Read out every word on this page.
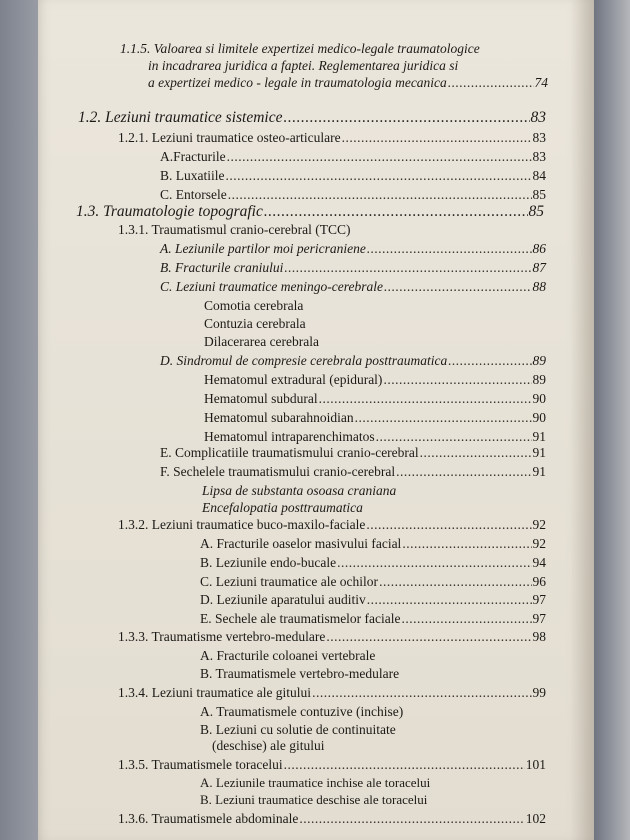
1.1.5. Valoarea si limitele expertizei medico-legale traumatologice
in incadrarea juridica a faptei. Reglementarea juridica si
a expertizei medico - legale in traumatologia mecanica .....	74
1.2. Leziuni traumatice sistemice .....	83
1.2.1. Leziuni traumatice osteo-articulare .....	83
A.Fracturile .....	83
B. Luxatiile .....	84
C. Entorsele .....	85
1.3. Traumatologie topografic .....	85
1.3.1. Traumatismul cranio-cerebral (TCC)
A. Leziunile partilor moi pericraniene .....	86
B. Fracturile craniului .....	87
C. Leziuni traumatice meningo-cerebrale .....	88
Comotia cerebrala
Contuzia cerebrala
Dilacerarea cerebrala
D. Sindromul de compresie cerebrala posttraumatica .....	89
Hematomul extradural (epidural) .....	89
Hematomul subdural .....	90
Hematomul subarahnoidian .....	90
Hematomul intraparenchimatos .....	91
E. Complicatiile traumatismului cranio-cerebral .....	91
F. Sechelele traumatismului cranio-cerebral .....	91
Lipsa de substanta osoasa craniana
Encefalopatia posttraumatica
1.3.2. Leziuni traumatice buco-maxilo-faciale .....	92
A. Fracturile oaselor masivului facial .....	92
B. Leziunile endo-bucale .....	94
C. Leziuni traumatice ale ochilor .....	96
D. Leziunile aparatului auditiv .....	97
E. Sechele ale traumatismelor faciale .....	97
1.3.3. Traumatisme vertebro-medulare .....	98
A. Fracturile coloanei vertebrale
B. Traumatismele vertebro-medulare
1.3.4. Leziuni traumatice ale gitului .....	99
A. Traumatismele contuzive (inchise)
B. Leziuni cu solutie de continuitate
(deschise) ale gitului
1.3.5. Traumatismele toracelui .....	101
A. Leziunile traumatice inchise ale toracelui
B. Leziuni traumatice deschise ale toracelui
1.3.6. Traumatismele abdominale .....	102
